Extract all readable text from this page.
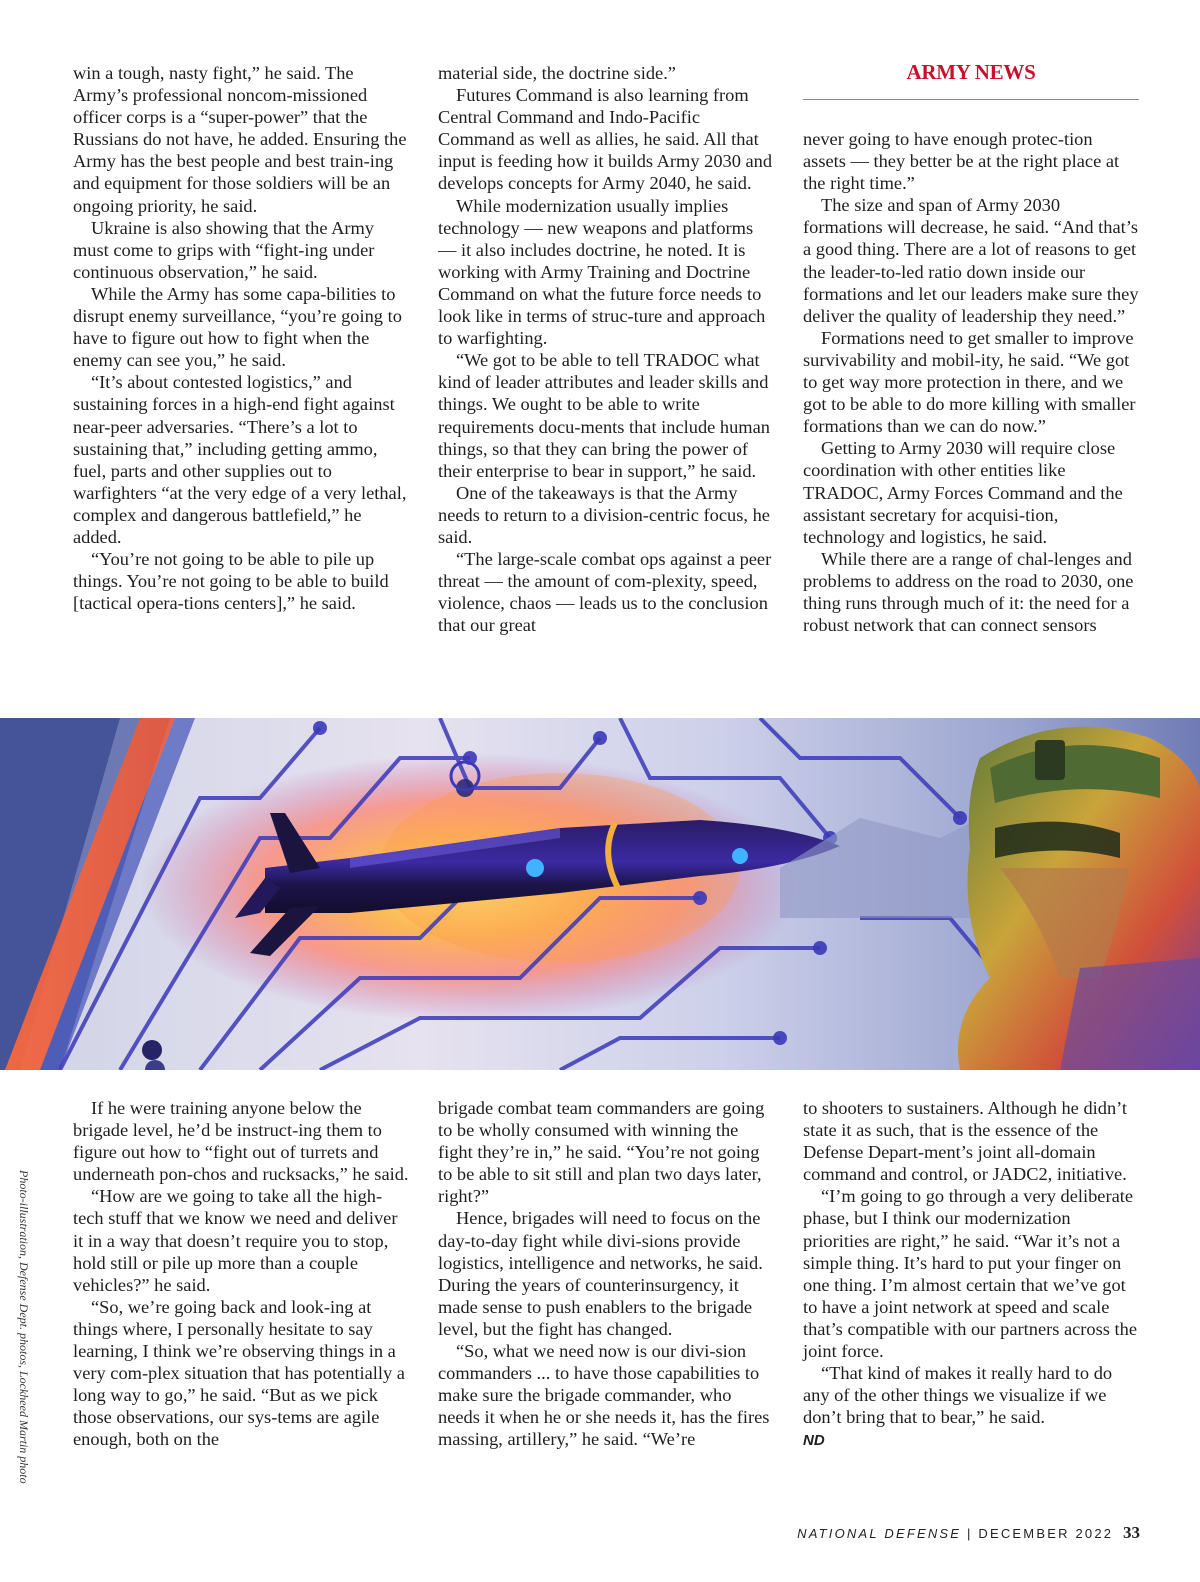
ARMY NEWS

win a tough, nasty fight,” he said. The Army’s professional noncom-missioned officer corps is a “super-power” that the Russians do not have, he added. Ensuring the Army has the best people and best train-ing and equipment for those soldiers will be an ongoing priority, he said.

Ukraine is also showing that the Army must come to grips with “fight-ing under continuous observation,” he said.

While the Army has some capa-bilities to disrupt enemy surveillance, “you’re going to have to figure out how to fight when the enemy can see you,” he said.

“It’s about contested logistics,” and sustaining forces in a high-end fight against near-peer adversaries. “There’s a lot to sustaining that,” including getting ammo, fuel, parts and other supplies out to warfighters “at the very edge of a very lethal, complex and dangerous battlefield,” he added.

“You’re not going to be able to pile up things. You’re not going to be able to build [tactical opera-tions centers],” he said.

material side, the doctrine side.”

Futures Command is also learning from Central Command and Indo-Pacific Command as well as allies, he said. All that input is feeding how it builds Army 2030 and develops concepts for Army 2040, he said.

While modernization usually implies technology — new weapons and platforms — it also includes doctrine, he noted. It is working with Army Training and Doctrine Command on what the future force needs to look like in terms of struc-ture and approach to warfighting.

“We got to be able to tell TRADOC what kind of leader attributes and leader skills and things. We ought to be able to write requirements docu-ments that include human things, so that they can bring the power of their enterprise to bear in support,” he said.

One of the takeaways is that the Army needs to return to a division-centric focus, he said.

“The large-scale combat ops against a peer threat — the amount of com-plexity, speed, violence, chaos — leads us to the conclusion that our great

never going to have enough protec-tion assets — they better be at the right place at the right time.”

The size and span of Army 2030 formations will decrease, he said. “And that’s a good thing. There are a lot of reasons to get the leader-to-led ratio down inside our formations and let our leaders make sure they deliver the quality of leadership they need.”

Formations need to get smaller to improve survivability and mobil-ity, he said. “We got to get way more protection in there, and we got to be able to do more killing with smaller formations than we can do now.”

Getting to Army 2030 will require close coordination with other entities like TRADOC, Army Forces Command and the assistant secretary for acquisi-tion, technology and logistics, he said.

While there are a range of chal-lenges and problems to address on the road to 2030, one thing runs through much of it: the need for a robust network that can connect sensors

Photo-illustration, Defense Dept. photos, Lockheed Martin photo

If he were training anyone below the brigade level, he’d be instruct-ing them to figure out how to “fight out of turrets and underneath pon-chos and rucksacks,” he said.

“How are we going to take all the high-tech stuff that we know we need and deliver it in a way that doesn’t require you to stop, hold still or pile up more than a couple vehicles?” he said.

“So, we’re going back and look-ing at things where, I personally hesitate to say learning, I think we’re observing things in a very com-plex situation that has potentially a long way to go,” he said. “But as we pick those observations, our sys-tems are agile enough, both on the

brigade combat team commanders are going to be wholly consumed with winning the fight they’re in,” he said. “You’re not going to be able to sit still and plan two days later, right?”

Hence, brigades will need to focus on the day-to-day fight while divi-sions provide logistics, intelligence and networks, he said. During the years of counterinsurgency, it made sense to push enablers to the brigade level, but the fight has changed.

“So, what we need now is our divi-sion commanders ... to have those capabilities to make sure the brigade commander, who needs it when he or she needs it, has the fires massing, artillery,” he said. “We’re

to shooters to sustainers. Although he didn’t state it as such, that is the essence of the Defense Depart-ment’s joint all-domain command and control, or JADC2, initiative.

“I’m going to go through a very deliberate phase, but I think our modernization priorities are right,” he said. “War it’s not a simple thing. It’s hard to put your finger on one thing. I’m almost certain that we’ve got to have a joint network at speed and scale that’s compatible with our partners across the joint force.

“That kind of makes it really hard to do any of the other things we visualize if we don’t bring that to bear,” he said.

ND

NATIONAL DEFENSE | DECEMBER 2022 33
